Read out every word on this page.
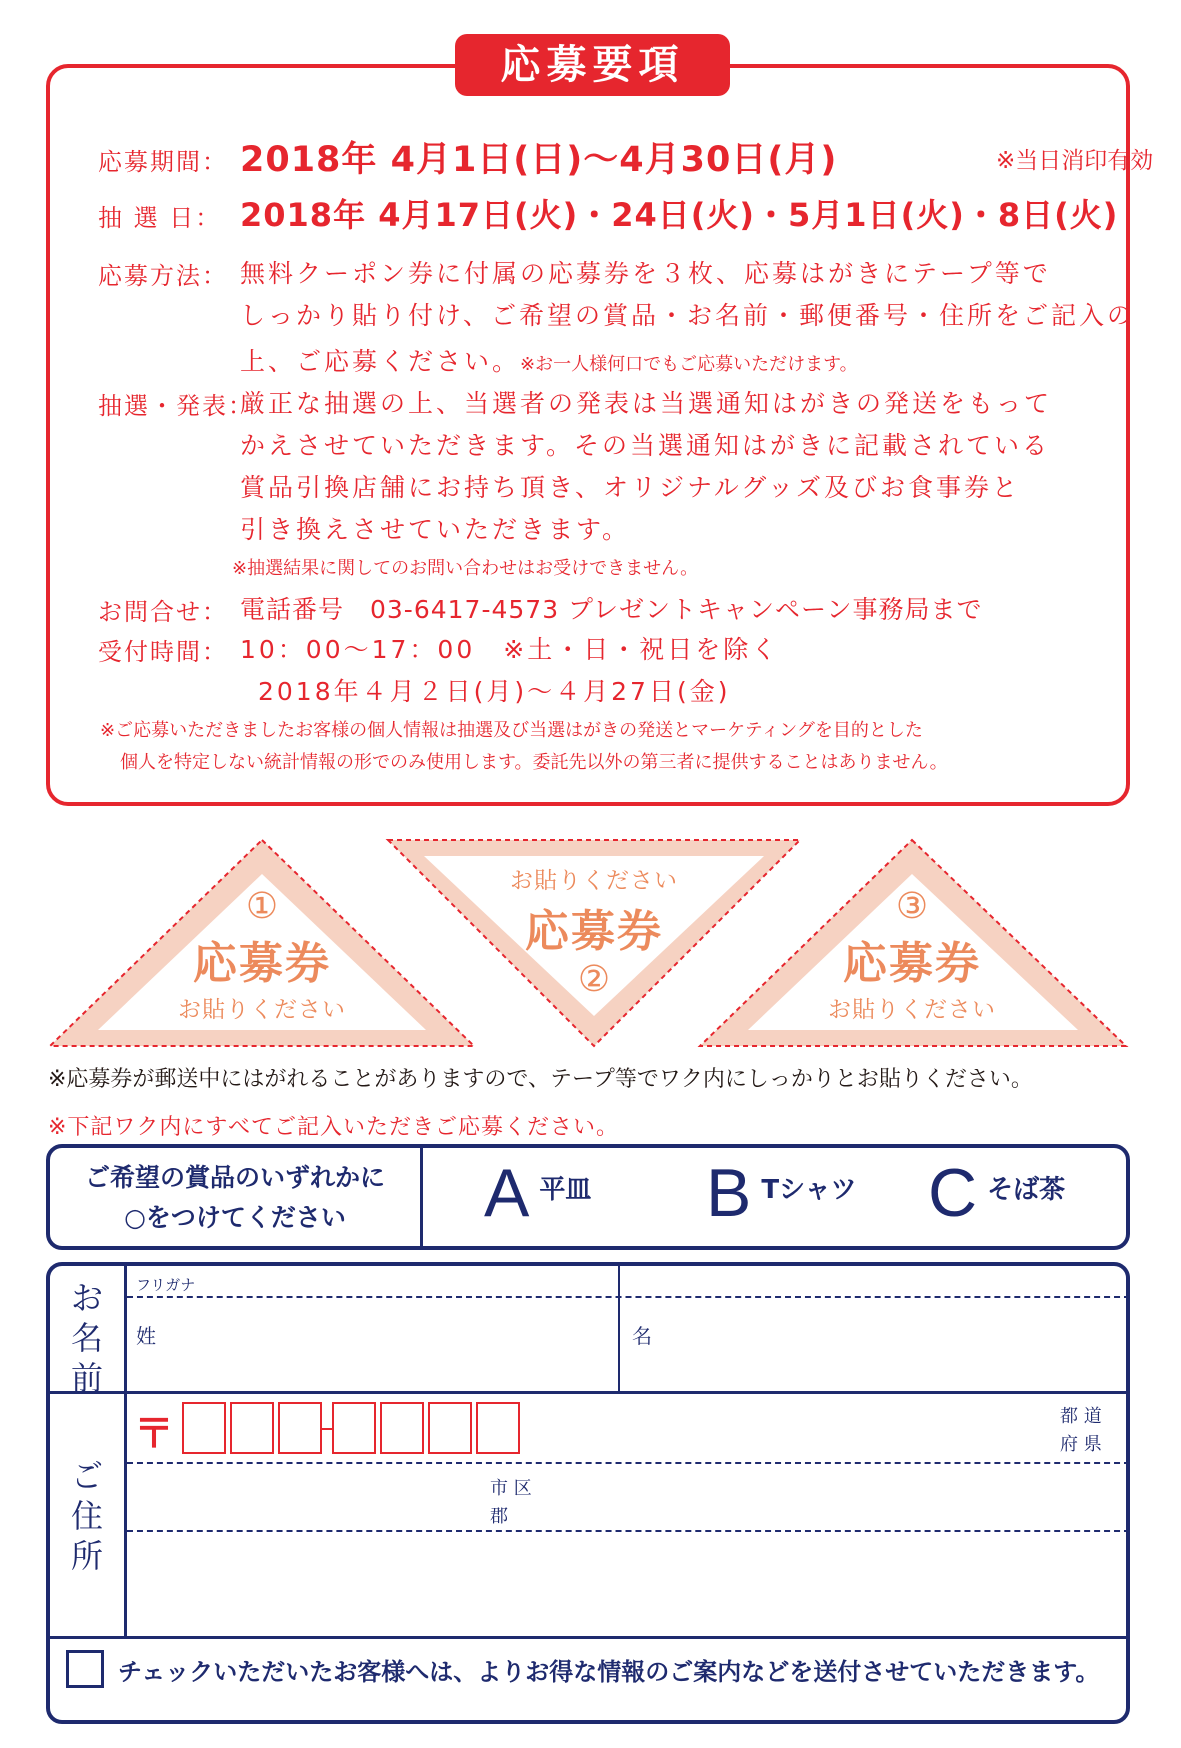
応募要項
応募期間： 2018年 4月1日(日)～4月30日(月)	※当日消印有効
抽 選 日： 2018年 4月17日(火)・24日(火)・5月1日(火)・8日(火)
応募方法： 無料クーポン券に付属の応募券を３枚、応募はがきにテープ等で
しっかり貼り付け、ご希望の賞品・お名前・郵便番号・住所をご記入の
上、ご応募ください。※お一人様何口でもご応募いただけます。
抽選・発表：
厳正な抽選の上、当選者の発表は当選通知はがきの発送をもって
かえさせていただきます。その当選通知はがきに記載されている
賞品引換店舗にお持ち頂き、オリジナルグッズ及びお食事券と
引き換えさせていただきます。
※抽選結果に関してのお問い合わせはお受けできません。
お問合せ： 電話番号　03-6417-4573 プレゼントキャンペーン事務局まで
受付時間： 10：00～17：00　※土・日・祝日を除く
2018年４月２日(月)～４月27日(金)
※ご応募いただきましたお客様の個人情報は抽選及び当選はがきの発送とマーケティングを目的とした
個人を特定しない統計情報の形でのみ使用します。委託先以外の第三者に提供することはありません。
①
応募券
お貼りください
お貼りください
応募券
②
③
応募券
お貼りください
※応募券が郵送中にはがれることがありますので、テープ等でワク内にしっかりとお貼りください。
※下記ワク内にすべてご記入いただきご応募ください。
ご希望の賞品のいずれかに
○をつけてください	A平皿 BTシャツ Cそば茶
お
名
前
ご
住
所
フリガナ
姓	名
〒	都 道
府 県
市 区
郡
チェックいただいたお客様へは、よりお得な情報のご案内などを送付させていただきます。
